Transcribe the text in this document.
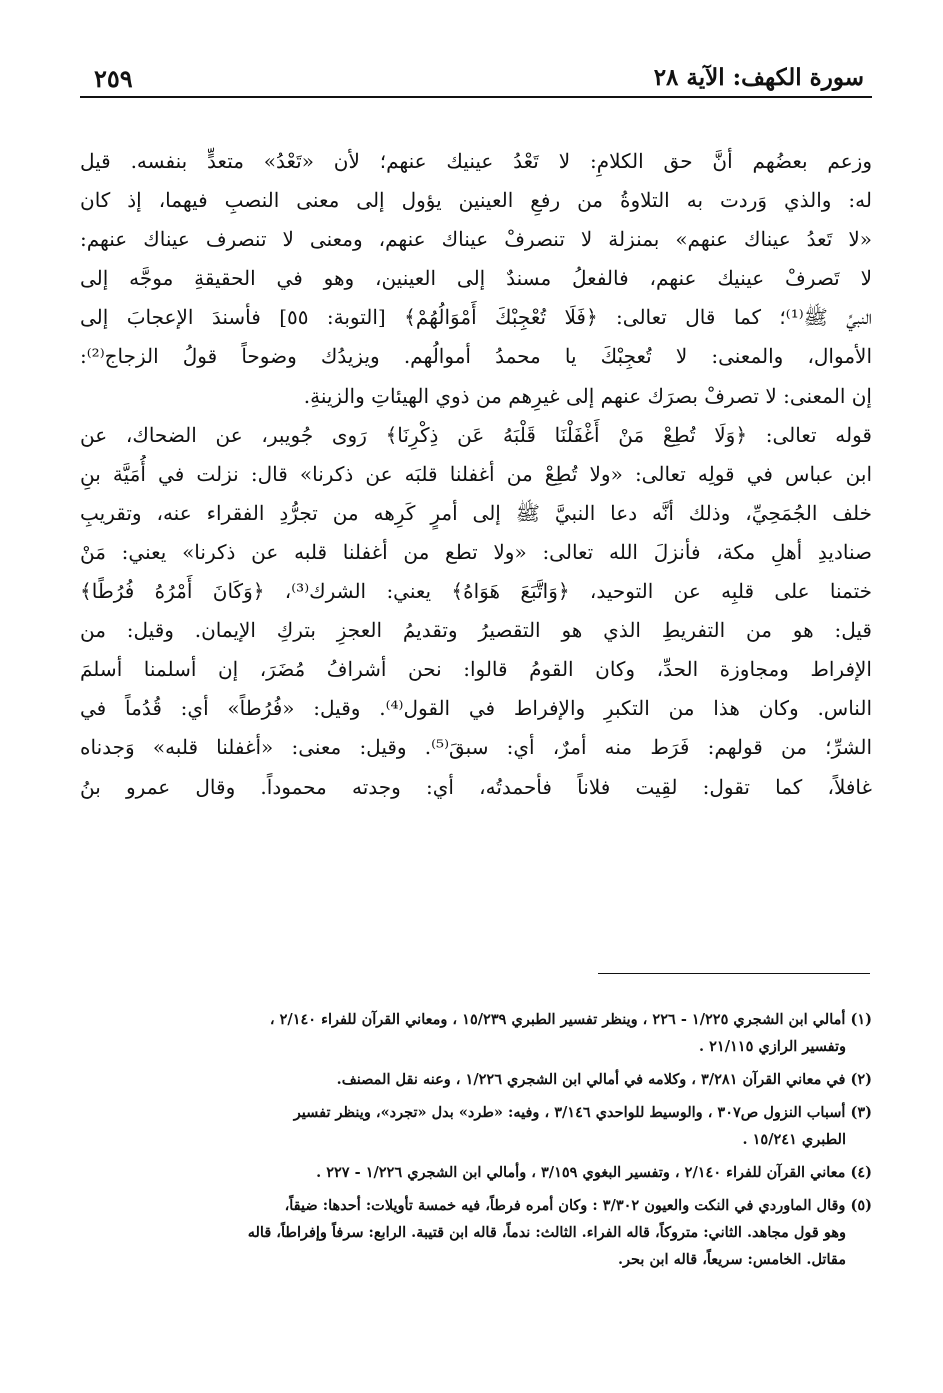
سورة الكهف: الآية ٢٨
٢٥٩
وزعم بعضُهم أنَّ حق الكلامِ: لا تَعْدُ عينيك عنهم؛ لأن «تَعْدُ» متعدٍّ بنفسه. قيل
له: والذي وَردت به التلاوةُ من رفعِ العينين يؤول إلى معنى النصبِ فيهما، إذ كان
«لا تَعدُ عيناك عنهم» بمنزلة لا تنصرفْ عيناك عنهم، ومعنى لا تنصرف عيناك عنهم:
لا تَصرفْ عينيك عنهم، فالفعلُ مسندٌ إلى العينين، وهو في الحقيقةِ موجَّه إلى
النبيِّ ﷺ⁽¹⁾؛ كما قال تعالى: ﴿فَلَا تُعْجِبْكَ أَمْوَالُهُمْ﴾ [التوبة: ٥٥] فأسندَ الإعجابَ إلى
الأموال، والمعنى: لا تُعجِبْكَ يا محمدُ أموالُهم. ويزيدُك وضوحاً قولُ الزجاج⁽²⁾:
إن المعنى: لا تصرفْ بصرَك عنهم إلى غيرِهم من ذوي الهيئاتِ والزينةِ.
قوله تعالى: ﴿وَلَا تُطِعْ مَنْ أَغْفَلْنَا قَلْبَهُ عَن ذِكْرِنَا﴾ رَوى جُويبر، عن الضحاك، عن
ابن عباس في قولِه تعالى: «ولا تُطِعْ من أغفلنا قلبَه عن ذكرنا» قال: نزلت في أُمَيَّة بنِ
خلف الجُمَحِيِّ، وذلك أنَّه دعا النبيَّ ﷺ إلى أمرٍ كَرِهه من تجرُّدِ الفقراء عنه، وتقريبِ
صناديدِ أهلِ مكة، فأنزلَ الله تعالى: «ولا تطع من أغفلنا قلبه عن ذكرنا» يعني: مَنْ
ختمنا على قلبِه عن التوحيد، ﴿وَاتَّبَعَ هَوَاهُ﴾ يعني: الشرك⁽³⁾، ﴿وَكَانَ أَمْرُهُ فُرُطًا﴾
قيل: هو من التفريطِ الذي هو التقصيرُ وتقديمُ العجزِ بتركِ الإيمان. وقيل: من
الإفراط ومجاوزة الحدِّ، وكان القومُ قالوا: نحن أشرافُ مُضَرَ، إن أسلمنا أسلمَ
الناس. وكان هذا من التكبرِ والإفراط في القول⁽⁴⁾. وقيل: «فُرُطاً» أي: قُدُماً في
الشرِّ؛ من قولهم: فَرَط منه أمرٌ، أي: سبقَ⁽⁵⁾. وقيل: معنى: «أغفلنا قلبه» وَجدناه
غافلاً، كما تقول: لقِيت فلاناً فأحمدتُه، أي: وجدته محموداً. وقال عمرو بنُ
(١) أمالي ابن الشجري ١/٢٢٥ - ٢٢٦ ، وينظر تفسير الطبري ١٥/٢٣٩ ، ومعاني القرآن للفراء ٢/١٤٠ ،
وتفسير الرازي ٢١/١١٥ .
(٢) في معاني القرآن ٣/٢٨١ ، وكلامه في أمالي ابن الشجري ١/٢٢٦ ، وعنه نقل المصنف.
(٣) أسباب النزول ص٣٠٧ ، والوسيط للواحدي ٣/١٤٦ ، وفيه: «طرد» بدل «تجرد»، وينظر تفسير
الطبري ١٥/٢٤١ .
(٤) معاني القرآن للفراء ٢/١٤٠ ، وتفسير البغوي ٣/١٥٩ ، وأمالي ابن الشجري ١/٢٢٦ - ٢٢٧ .
(٥) وقال الماوردي في النكت والعيون ٣/٣٠٢ : وكان أمره فرطاً، فيه خمسة تأويلات: أحدها: ضيقاً،
وهو قول مجاهد. الثاني: متروكاً، قاله الفراء. الثالث: ندماً، قاله ابن قتيبة. الرابع: سرفاً وإفراطاً، قاله
مقاتل. الخامس: سريعاً، قاله ابن بحر.
